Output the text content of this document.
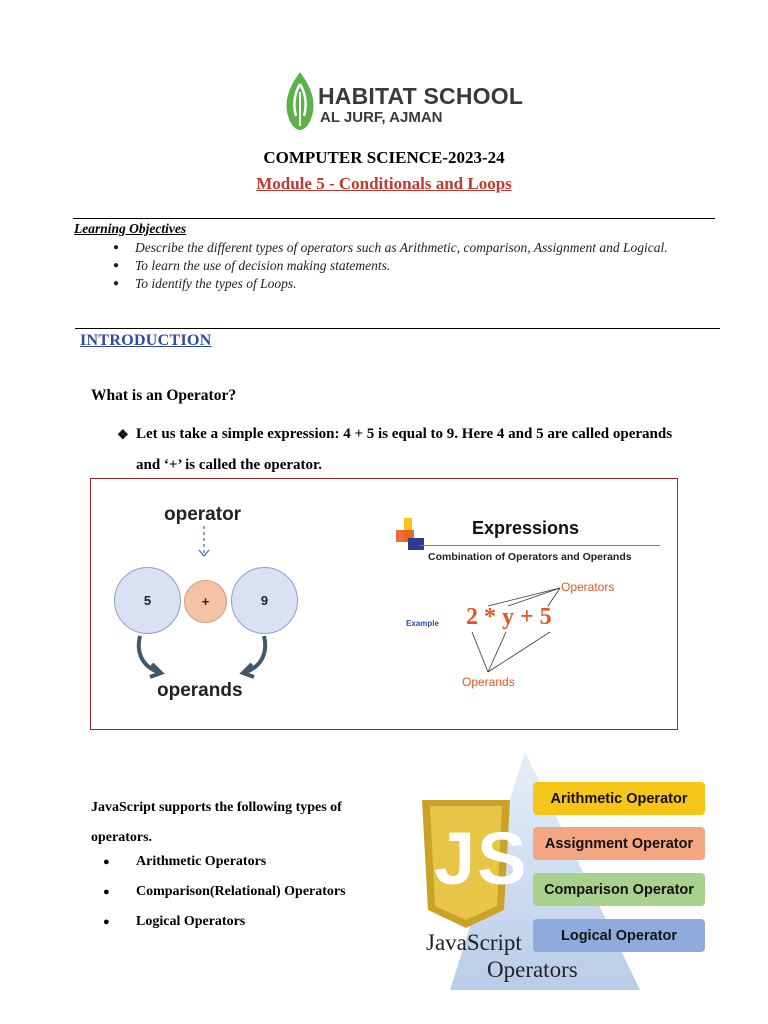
HABITAT SCHOOL
AL JURF, AJMAN
COMPUTER SCIENCE-2023-24
Module 5 - Conditionals and Loops
Learning Objectives
● Describe the different types of operators such as Arithmetic, comparison, Assignment and Logical.
● To learn the use of decision making statements.
● To identify the types of Loops.
INTRODUCTION
What is an Operator?
❖ Let us take a simple expression: 4 + 5 is equal to 9. Here 4 and 5 are called operands and ‘+’ is called the operator.
operator
5	+	9
operands
Expressions
Combination of Operators and Operands
Example 2 * y + 5
Operators
Operands
JavaScript supports the following types of operators.
● Arithmetic Operators
● Comparison(Relational) Operators
● Logical Operators
JS
JavaScript
Operators
Arithmetic Operator
Assignment Operator
Comparison Operator
Logical Operator
